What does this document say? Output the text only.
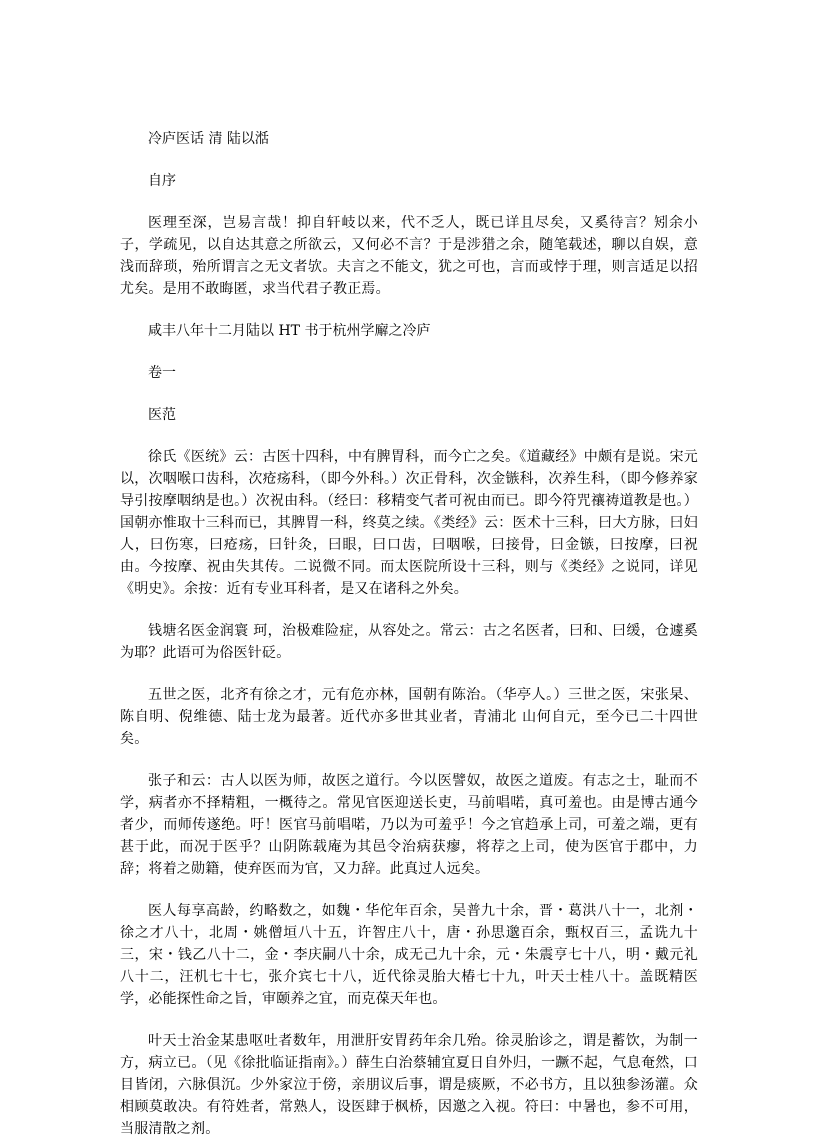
冷庐医话 清 陆以湉

自序

医理至深，岂易言哉！抑自轩岐以来，代不乏人，既已详且尽矣，又奚待言？矧余小子，学疏见，以自达其意之所欲云，又何必不言？于是涉猎之余，随笔载述，聊以自娱，意浅而辞琐，殆所谓言之无文者欤。夫言之不能文，犹之可也，言而或悖于理，则言适足以招尤矣。是用不敢晦匿，求当代君子教正焉。

咸丰八年十二月陆以 HT 书于杭州学廨之冷庐

卷一

医范

徐氏《医统》云：古医十四科，中有脾胃科，而今亡之矣。《道藏经》中颇有是说。宋元以，次咽喉口齿科，次疮疡科，（即今外科。）次正骨科，次金镞科，次养生科，（即今修养家导引按摩咽纳是也。）次祝由科。（经曰：移精变气者可祝由而已。即今符咒禳祷道教是也。）国朝亦惟取十三科而已，其脾胃一科，终莫之续。《类经》云：医术十三科，曰大方脉，曰妇人，曰伤寒，曰疮疡，曰针灸，曰眼，曰口齿，曰咽喉，曰接骨，曰金镞，曰按摩，曰祝由。今按摩、祝由失其传。二说微不同。而太医院所设十三科，则与《类经》之说同，详见《明史》。余按：近有专业耳科者，是又在诸科之外矣。

钱塘名医金润寰 珂，治极难险症，从容处之。常云：古之名医者，曰和、曰缓，仓遽奚为耶？此语可为俗医针砭。

五世之医，北齐有徐之才，元有危亦林，国朝有陈治。（华亭人。）三世之医，宋张杲、陈自明、倪维德、陆士龙为最著。近代亦多世其业者，青浦北 山何自元，至今已二十四世矣。

张子和云：古人以医为师，故医之道行。今以医譬奴，故医之道废。有志之士，耻而不学，病者亦不择精粗，一概待之。常见官医迎送长吏，马前唱喏，真可羞也。由是博古通今者少，而师传遂绝。吁！医官马前唱喏，乃以为可羞乎！今之官趋承上司，可羞之端，更有甚于此，而况于医乎？山阴陈载庵为其邑令治病获瘳，将荐之上司，使为医官于郡中，力辞；将着之勋籍，使弃医而为官，又力辞。此真过人远矣。

医人每享高龄，约略数之，如魏・华佗年百余，吴普九十余，晋・葛洪八十一，北剂・徐之才八十，北周・姚僧垣八十五，许智庄八十，唐・孙思邈百余，甄权百三，孟诜九十三，宋・钱乙八十二，金・李庆嗣八十余，成无己九十余，元・朱震亨七十八，明・戴元礼八十二，汪机七十七，张介宾七十八，近代徐灵胎大椿七十九，叶天士桂八十。盖既精医学，必能探性命之旨，审颐养之宜，而克葆天年也。

叶天士治金某患呕吐者数年，用泄肝安胃药年余几殆。徐灵胎诊之，谓是蓄饮，为制一方，病立已。（见《徐批临证指南》。）薛生白治蔡辅宜夏日自外归，一蹶不起，气息奄然，口目皆闭，六脉俱沉。少外家泣于傍，亲朋议后事，谓是痰厥，不必书方，且以独参汤灌。众相顾莫敢决。有符姓者，常熟人，设医肆于枫桥，因邀之入视。符曰：中暑也，参不可用，当服清散之剂。
